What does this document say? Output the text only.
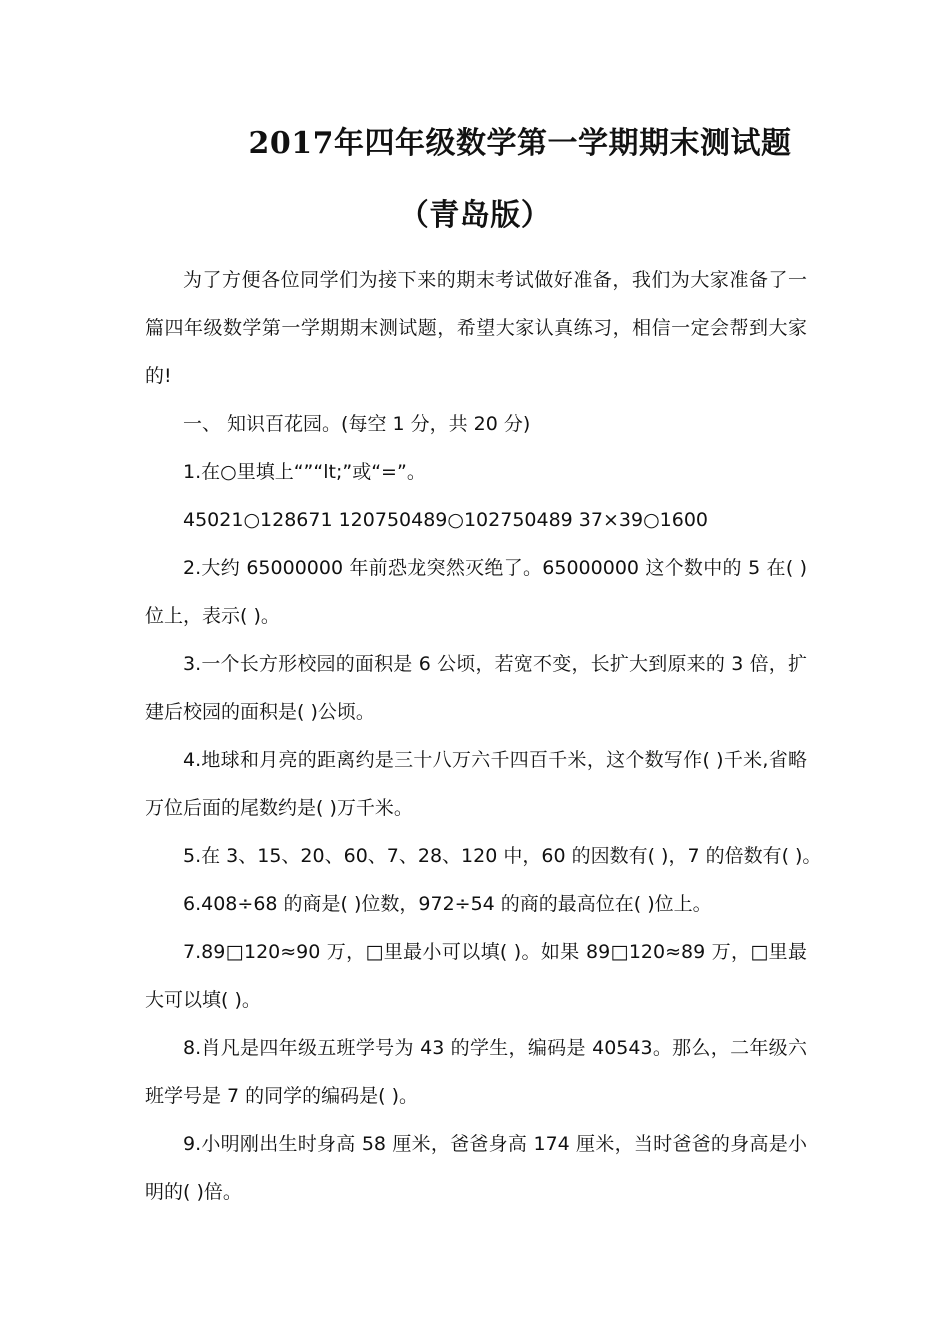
2017年四年级数学第一学期期末测试题
（青岛版）

为了方便各位同学们为接下来的期末考试做好准备，我们为大家准备了一篇四年级数学第一学期期末测试题，希望大家认真练习，相信一定会帮到大家的!

一、 知识百花园。(每空 1 分，共 20 分)

1.在○里填上“”“lt;”或“=”。

45021○128671 120750489○102750489 37×39○1600

2.大约 65000000 年前恐龙突然灭绝了。65000000 这个数中的 5 在( )位上，表示( )。

3.一个长方形校园的面积是 6 公顷，若宽不变，长扩大到原来的 3 倍，扩建后校园的面积是( )公顷。

4.地球和月亮的距离约是三十八万六千四百千米，这个数写作( )千米,省略万位后面的尾数约是( )万千米。

5.在 3、15、20、60、7、28、120 中，60 的因数有( )，7 的倍数有( )。

6.408÷68 的商是( )位数，972÷54 的商的最高位在( )位上。

7.89□120≈90 万，□里最小可以填( )。如果 89□120≈89 万，□里最大可以填( )。

8.肖凡是四年级五班学号为 43 的学生，编码是 40543。那么，二年级六班学号是 7 的同学的编码是( )。

9.小明刚出生时身高 58 厘米，爸爸身高 174 厘米，当时爸爸的身高是小明的( )倍。
